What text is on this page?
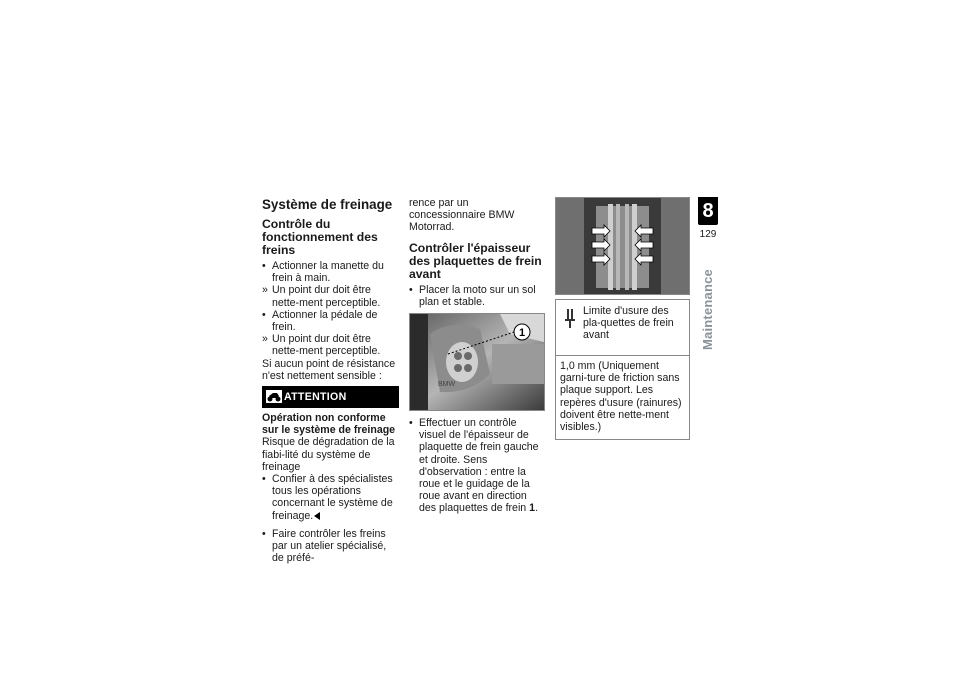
Système de freinage
Contrôle du fonctionnement des freins
• Actionner la manette du frein à main.
» Un point dur doit être nette-ment perceptible.
• Actionner la pédale de frein.
» Un point dur doit être nette-ment perceptible.
Si aucun point de résistance n'est nettement sensible :
ATTENTION
Opération non conforme sur le système de freinage
Risque de dégradation de la fiabi-lité du système de freinage
• Confier à des spécialistes tous les opérations concernant le système de freinage.
• Faire contrôler les freins par un atelier spécialisé, de préfé-
rence par un concessionnaire BMW Motorrad.
Contrôler l'épaisseur des plaquettes de frein avant
• Placer la moto sur un sol plan et stable.
1
BMW
• Effectuer un contrôle visuel de l'épaisseur de plaquette de frein gauche et droite. Sens d'observation : entre la roue et le guidage de la roue avant en direction des plaquettes de frein 1.
Limite d'usure des pla-quettes de frein avant
1,0 mm (Uniquement garni-ture de friction sans plaque support. Les repères d'usure (rainures) doivent être nette-ment visibles.)
8
129
Maintenance
